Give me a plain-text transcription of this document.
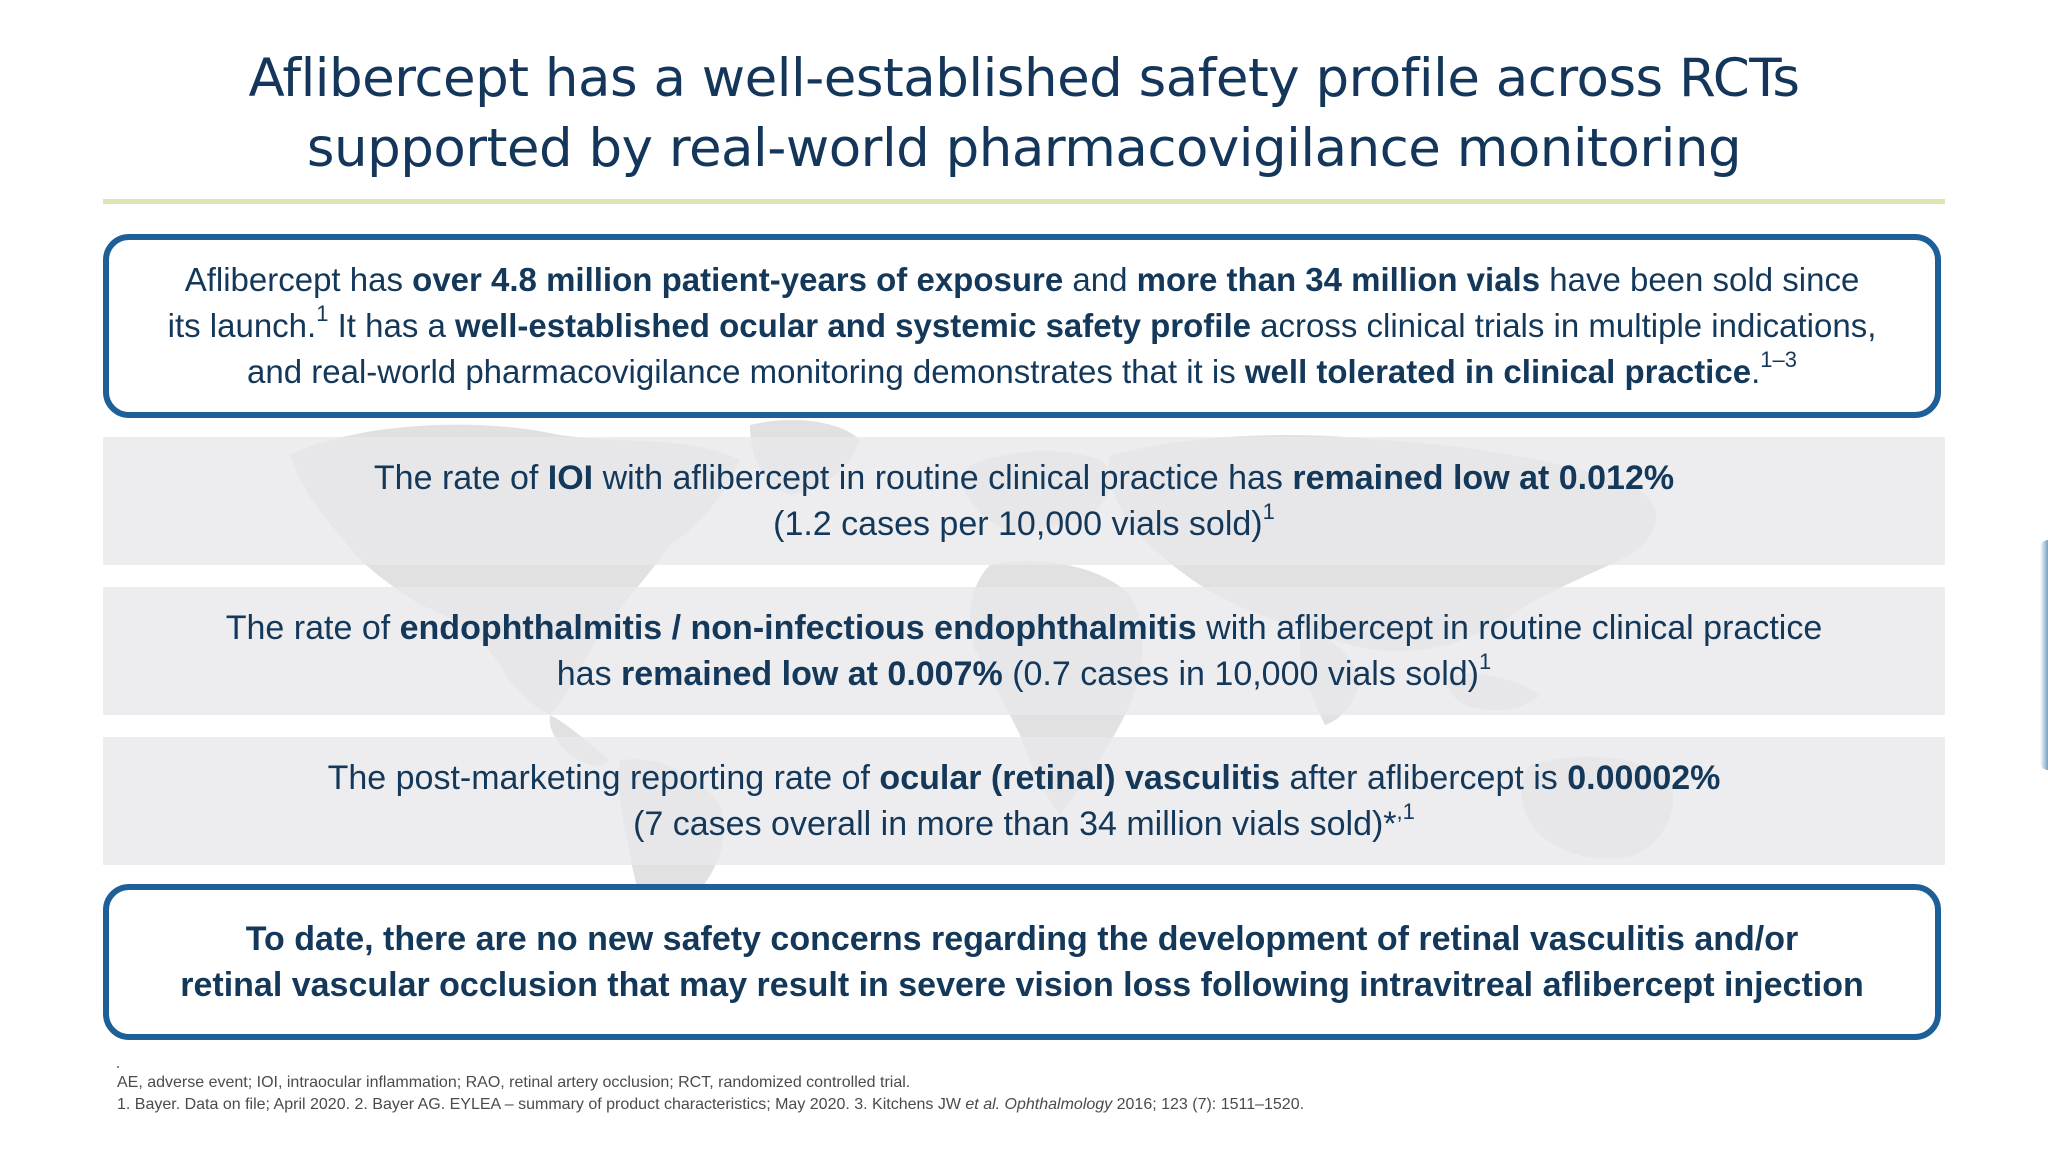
Aflibercept has a well-established safety profile across RCTs
supported by real-world pharmacovigilance monitoring
Aflibercept has over 4.8 million patient-years of exposure and more than 34 million vials have been sold since
its launch.$^1$ It has a well-established ocular and systemic safety profile across clinical trials in multiple indications,
and real-world pharmacovigilance monitoring demonstrates that it is well tolerated in clinical practice.$^{1-3}$
The rate of IOI with aflibercept in routine clinical practice has remained low at 0.012%
(1.2 cases per 10,000 vials sold)$^1$
The rate of endophthalmitis / non-infectious endophthalmitis with aflibercept in routine clinical practice
has remained low at 0.007% (0.7 cases in 10,000 vials sold)$^1$
The post-marketing reporting rate of ocular (retinal) vasculitis after aflibercept is 0.00002%
(7 cases overall in more than 34 million vials sold)*$^{,1}$
To date, there are no new safety concerns regarding the development of retinal vasculitis and/or
retinal vascular occlusion that may result in severe vision loss following intravitreal aflibercept injection
AE, adverse event; IOI, intraocular inflammation; RAO, retinal artery occlusion; RCT, randomized controlled trial.
1. Bayer. Data on file; April 2020. 2. Bayer AG. EYLEA – summary of product characteristics; May 2020. 3. Kitchens JW et al. Ophthalmology 2016; 123 (7): 1511–1520.
